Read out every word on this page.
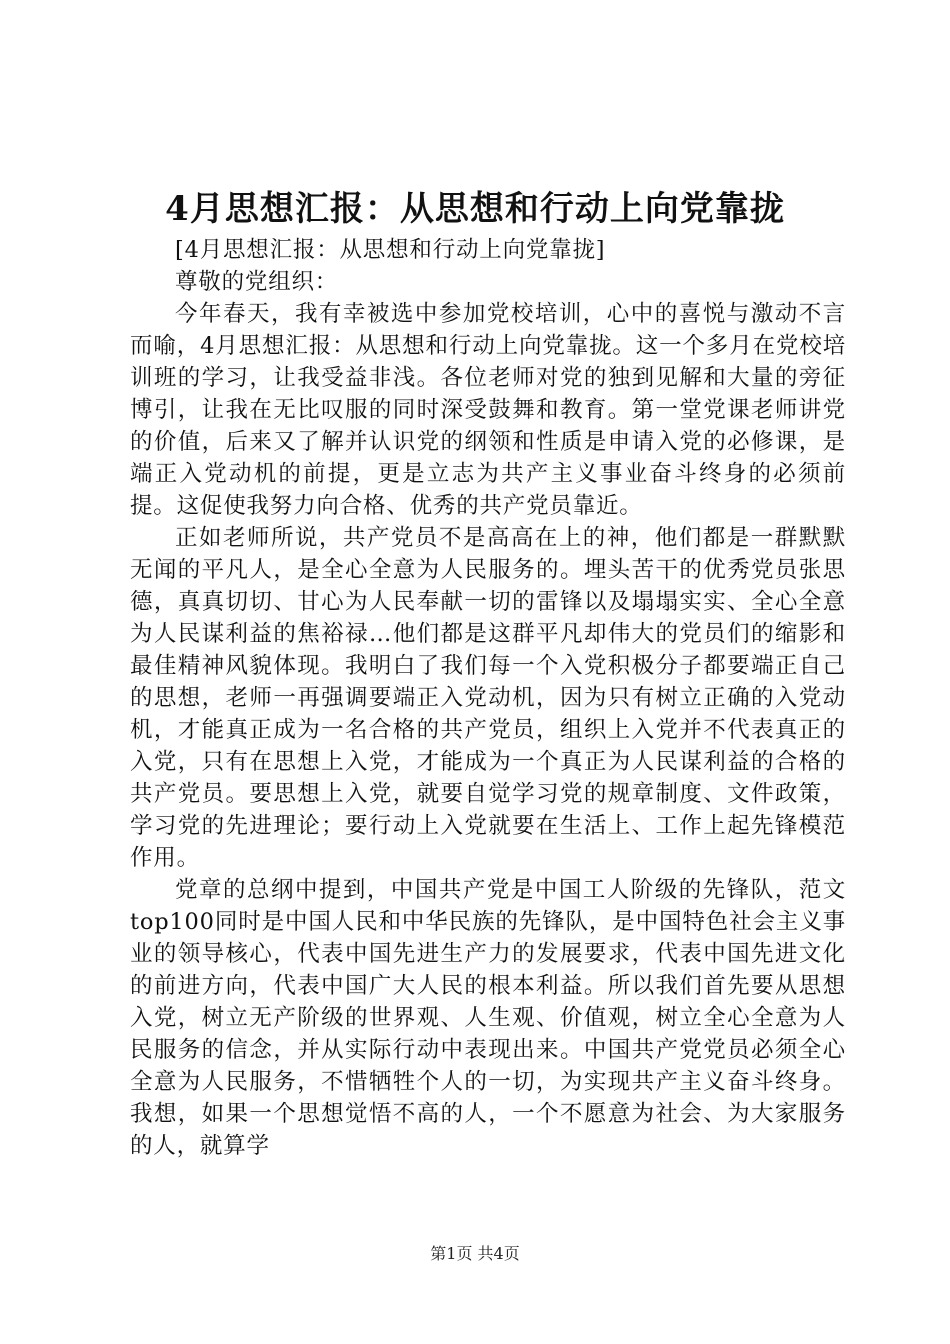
4月思想汇报：从思想和行动上向党靠拢

[4月思想汇报：从思想和行动上向党靠拢]

尊敬的党组织：

今年春天，我有幸被选中参加党校培训，心中的喜悦与激动不言而喻，4月思想汇报：从思想和行动上向党靠拢。这一个多月在党校培训班的学习，让我受益非浅。各位老师对党的独到见解和大量的旁征博引，让我在无比叹服的同时深受鼓舞和教育。第一堂党课老师讲党的价值，后来又了解并认识党的纲领和性质是申请入党的必修课，是端正入党动机的前提，更是立志为共产主义事业奋斗终身的必须前提。这促使我努力向合格、优秀的共产党员靠近。

正如老师所说，共产党员不是高高在上的神，他们都是一群默默无闻的平凡人，是全心全意为人民服务的。埋头苦干的优秀党员张思德，真真切切、甘心为人民奉献一切的雷锋以及塌塌实实、全心全意为人民谋利益的焦裕禄…他们都是这群平凡却伟大的党员们的缩影和最佳精神风貌体现。我明白了我们每一个入党积极分子都要端正自己的思想，老师一再强调要端正入党动机，因为只有树立正确的入党动机，才能真正成为一名合格的共产党员，组织上入党并不代表真正的入党，只有在思想上入党，才能成为一个真正为人民谋利益的合格的共产党员。要思想上入党，就要自觉学习党的规章制度、文件政策，学习党的先进理论；要行动上入党就要在生活上、工作上起先锋模范作用。

党章的总纲中提到，中国共产党是中国工人阶级的先锋队，范文top100同时是中国人民和中华民族的先锋队，是中国特色社会主义事业的领导核心，代表中国先进生产力的发展要求，代表中国先进文化的前进方向，代表中国广大人民的根本利益。所以我们首先要从思想入党，树立无产阶级的世界观、人生观、价值观，树立全心全意为人民服务的信念，并从实际行动中表现出来。中国共产党党员必须全心全意为人民服务，不惜牺牲个人的一切，为实现共产主义奋斗终身。我想，如果一个思想觉悟不高的人，一个不愿意为社会、为大家服务的人，就算学

第1页 共4页
